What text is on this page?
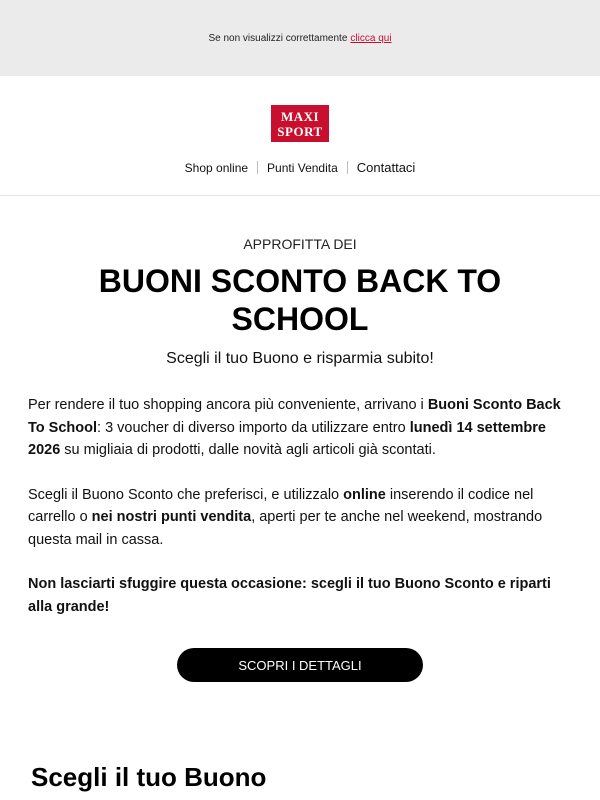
Se non visualizzi correttamente clicca qui
MAXI
SPORT
Shop online Punti Vendita Contattaci
APPROFITTA DEI
BUONI SCONTO BACK TO SCHOOL
Scegli il tuo Buono e risparmia subito!

Per rendere il tuo shopping ancora più conveniente, arrivano i Buoni Sconto Back To School: 3 voucher di diverso importo da utilizzare entro lunedì 14 settembre 2026 su migliaia di prodotti, dalle novità agli articoli già scontati.

Scegli il Buono Sconto che preferisci, e utilizzalo online inserendo il codice nel carrello o nei nostri punti vendita, aperti per te anche nel weekend, mostrando questa mail in cassa.

Non lasciarti sfuggire questa occasione: scegli il tuo Buono Sconto e riparti alla grande!

SCOPRI I DETTAGLI
Scegli il tuo Buono
